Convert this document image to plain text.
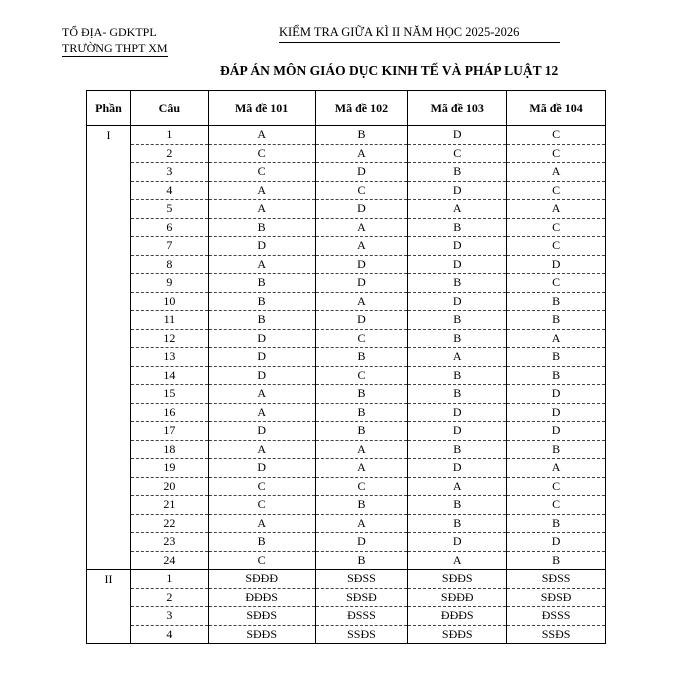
TỔ ĐỊA- GDKTPL
TRƯỜNG THPT XM
KIỂM TRA GIỮA KÌ II NĂM HỌC 2025-2026
ĐÁP ÁN MÔN GIÁO DỤC KINH TẾ VÀ PHÁP LUẬT 12
Phần	Câu	Mã đề 101	Mã đề 102	Mã đề 103	Mã đề 104
I	1	A	B	D	C
	2	C	A	C	C
	3	C	D	B	A
	4	A	C	D	C
	5	A	D	A	A
	6	B	A	B	C
	7	D	A	D	C
	8	A	D	D	D
	9	B	D	B	C
	10	B	A	D	B
	11	B	D	B	B
	12	D	C	B	A
	13	D	B	A	B
	14	D	C	B	B
	15	A	B	B	D
	16	A	B	D	D
	17	D	B	D	D
	18	A	A	B	B
	19	D	A	D	A
	20	C	C	A	C
	21	C	B	B	C
	22	A	A	B	B
	23	B	D	D	D
	24	C	B	A	B
II	1	SĐĐĐ	SĐSS	SĐĐS	SĐSS
	2	ĐĐĐS	SĐSĐ	SĐĐĐ	SĐSĐ
	3	SĐĐS	ĐSSS	ĐĐĐS	ĐSSS
	4	SĐĐS	SSĐS	SĐĐS	SSĐS
